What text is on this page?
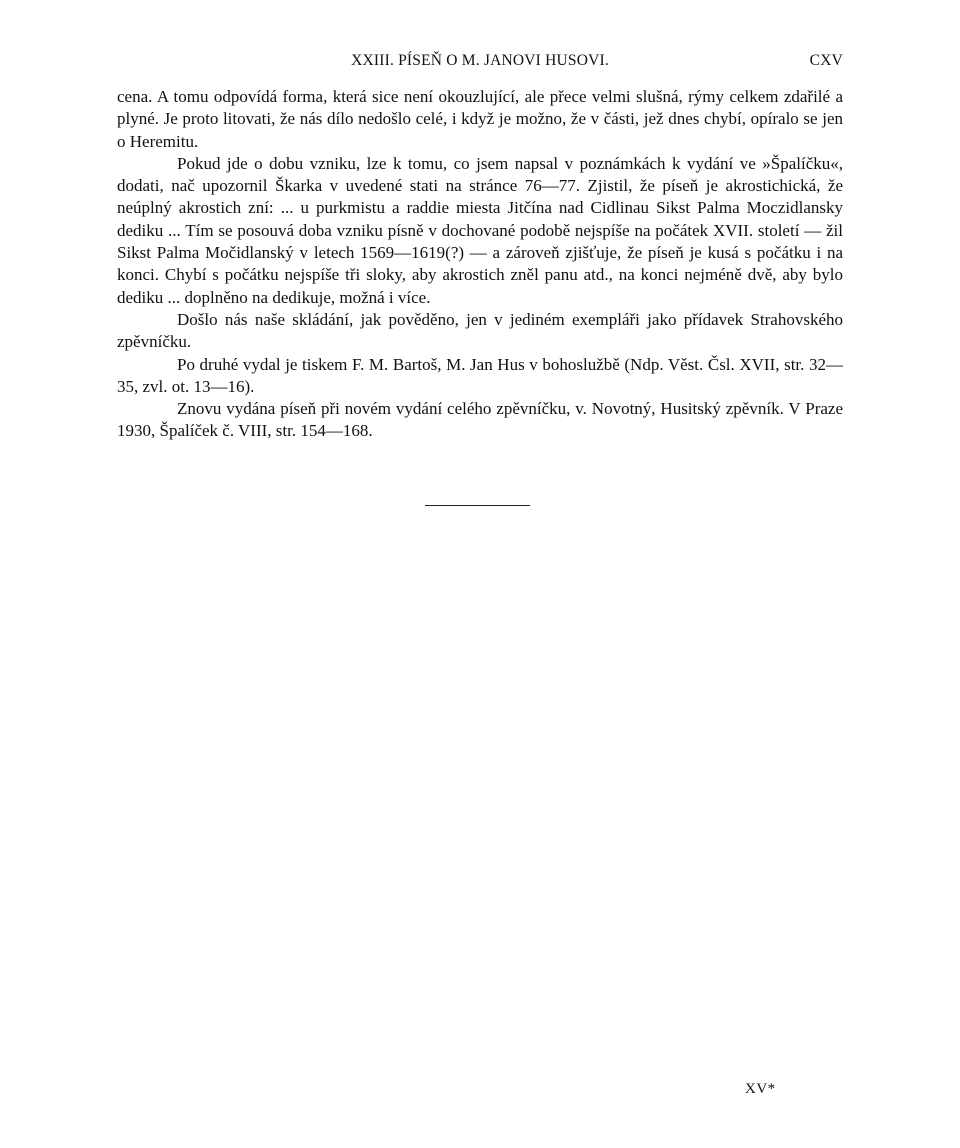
XXIII. PÍSEŇ O M. JANOVI HUSOVI.	CXV

cena. A tomu odpovídá forma, která sice není okouzlující, ale přece velmi slušná, rýmy celkem zdařilé a plyné. Je proto litovati, že nás dílo nedošlo celé, i když je možno, že v části, jež dnes chybí, opíralo se jen o Heremitu.

Pokud jde o dobu vzniku, lze k tomu, co jsem napsal v poznámkách k vydání ve »Špalíčku«, dodati, nač upozornil Škarka v uvedené stati na stránce 76—77. Zjistil, že píseň je akrostichická, že neúplný akrostich zní: ... u purkmistu a raddie miesta Jitčína nad Cidlinau Sikst Palma Moczidlansky dediku ... Tím se posouvá doba vzniku písně v dochované podobě nejspíše na počátek XVII. století — žil Sikst Palma Močidlanský v letech 1569—1619(?) — a zároveň zjišťuje, že píseň je kusá s počátku i na konci. Chybí s počátku nejspíše tři sloky, aby akrostich zněl panu atd., na konci nejméně dvě, aby bylo dediku ... doplněno na dedikuje, možná i více.

Došlo nás naše skládání, jak pověděno, jen v jediném exempláři jako přídavek Strahovského zpěvníčku.

Po druhé vydal je tiskem F. M. Bartoš, M. Jan Hus v bohoslužbě (Ndp. Věst. Čsl. XVII, str. 32—35, zvl. ot. 13—16).

Znovu vydána píseň při novém vydání celého zpěvníčku, v. Novotný, Husitský zpěvník. V Praze 1930, Špalíček č. VIII, str. 154—168.

XV*
